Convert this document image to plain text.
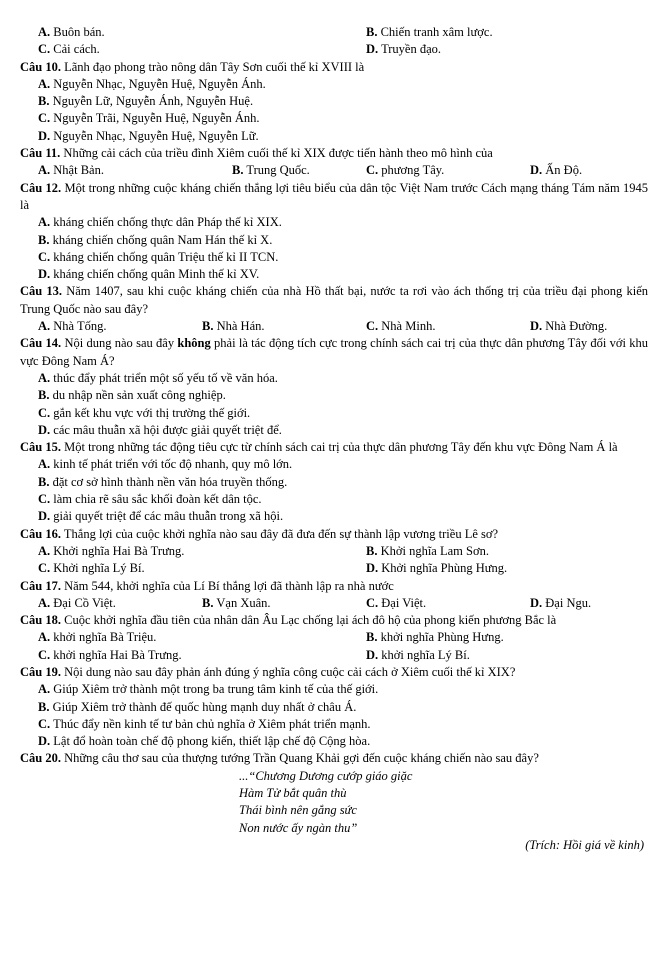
A. Buôn bán.	B. Chiến tranh xâm lược.
C. Cải cách.	D. Truyền đạo.
Câu 10. Lãnh đạo phong trào nông dân Tây Sơn cuối thế kỉ XVIII là
A. Nguyễn Nhạc, Nguyễn Huệ, Nguyễn Ánh.
B. Nguyễn Lữ, Nguyễn Ánh, Nguyễn Huệ.
C. Nguyễn Trãi, Nguyễn Huệ, Nguyễn Ánh.
D. Nguyễn Nhạc, Nguyễn Huệ, Nguyễn Lữ.
Câu 11. Những cải cách của triều đình Xiêm cuối thế kỉ XIX được tiến hành theo mô hình của
A. Nhật Bản.	B. Trung Quốc.	C. phương Tây.	D. Ấn Độ.
Câu 12. Một trong những cuộc kháng chiến thắng lợi tiêu biểu của dân tộc Việt Nam trước Cách mạng tháng Tám năm 1945 là
A. kháng chiến chống thực dân Pháp thế kỉ XIX.
B. kháng chiến chống quân Nam Hán thế kỉ X.
C. kháng chiến chống quân Triệu thế kỉ II TCN.
D. kháng chiến chống quân Minh thế kỉ XV.
Câu 13. Năm 1407, sau khi cuộc kháng chiến của nhà Hồ thất bại, nước ta rơi vào ách thống trị của triều đại phong kiến Trung Quốc nào sau đây?
A. Nhà Tống.	B. Nhà Hán.	C. Nhà Minh.	D. Nhà Đường.
Câu 14. Nội dung nào sau đây không phải là tác động tích cực trong chính sách cai trị của thực dân phương Tây đối với khu vực Đông Nam Á?
A. thúc đẩy phát triển một số yếu tố về văn hóa.
B. du nhập nền sản xuất công nghiệp.
C. gắn kết khu vực với thị trường thế giới.
D. các mâu thuẫn xã hội được giải quyết triệt để.
Câu 15. Một trong những tác động tiêu cực từ chính sách cai trị của thực dân phương Tây đến khu vực Đông Nam Á là
A. kinh tế phát triển với tốc độ nhanh, quy mô lớn.
B. đặt cơ sở hình thành nền văn hóa truyền thống.
C. làm chia rẽ sâu sắc khối đoàn kết dân tộc.
D. giải quyết triệt để các mâu thuẫn trong xã hội.
Câu 16. Thắng lợi của cuộc khởi nghĩa nào sau đây đã đưa đến sự thành lập vương triều Lê sơ?
A. Khởi nghĩa Hai Bà Trưng.	B. Khởi nghĩa Lam Sơn.
C. Khởi nghĩa Lý Bí.	D. Khởi nghĩa Phùng Hưng.
Câu 17. Năm 544, khởi nghĩa của Lí Bí thắng lợi đã thành lập ra nhà nước
A. Đại Cồ Việt.	B. Vạn Xuân.	C. Đại Việt.	D. Đại Ngu.
Câu 18. Cuộc khởi nghĩa đầu tiên của nhân dân Âu Lạc chống lại ách đô hộ của phong kiến phương Bắc là
A. khởi nghĩa Bà Triệu.	B. khởi nghĩa Phùng Hưng.
C. khởi nghĩa Hai Bà Trưng.	D. khởi nghĩa Lý Bí.
Câu 19. Nội dung nào sau đây phản ánh đúng ý nghĩa công cuộc cải cách ở Xiêm cuối thế kỉ XIX?
A. Giúp Xiêm trở thành một trong ba trung tâm kinh tế của thế giới.
B. Giúp Xiêm trở thành đế quốc hùng mạnh duy nhất ở châu Á.
C. Thúc đẩy nền kinh tế tư bản chủ nghĩa ở Xiêm phát triển mạnh.
D. Lật đổ hoàn toàn chế độ phong kiến, thiết lập chế độ Cộng hòa.
Câu 20. Những câu thơ sau của thượng tướng Trần Quang Khải gợi đến cuộc kháng chiến nào sau đây?
...“Chương Dương cướp giáo giặc
Hàm Tử bắt quân thù
Thái bình nên gắng sức
Non nước ấy ngàn thu”
(Trích: Hồi giá về kinh)
